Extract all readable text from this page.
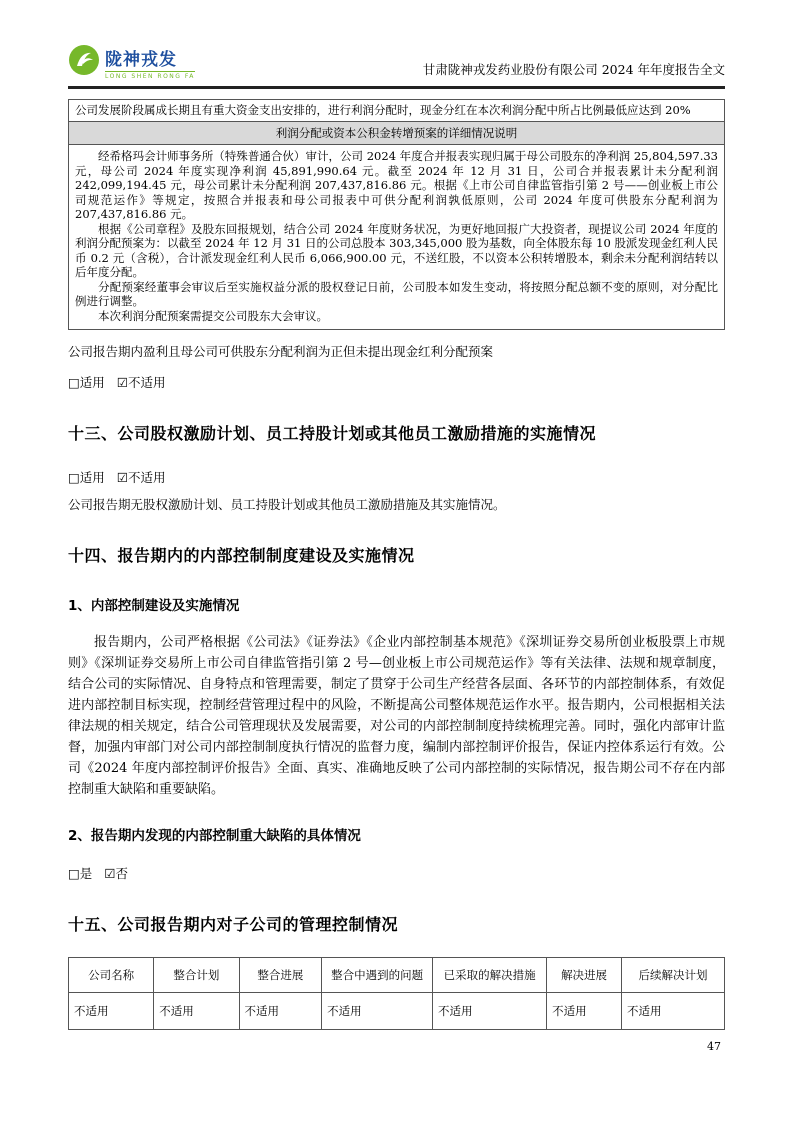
陇神戎发
LONG SHEN RONG FA	甘肃陇神戎发药业股份有限公司 2024 年年度报告全文
公司发展阶段属成长期且有重大资金支出安排的，进行利润分配时，现金分红在本次利润分配中所占比例最低应达到 20%
利润分配或资本公积金转增预案的详细情况说明

经希格玛会计师事务所（特殊普通合伙）审计，公司 2024 年度合并报表实现归属于母公司股东的净利润 25,804,597.33 元，母公司 2024 年度实现净利润 45,891,990.64 元。截至 2024 年 12 月 31 日，公司合并报表累计未分配利润 242,099,194.45 元，母公司累计未分配利润 207,437,816.86 元。根据《上市公司自律监管指引第 2 号——创业板上市公司规范运作》等规定，按照合并报表和母公司报表中可供分配利润孰低原则，公司 2024 年度可供股东分配利润为 207,437,816.86 元。

根据《公司章程》及股东回报规划，结合公司 2024 年度财务状况，为更好地回报广大投资者，现提议公司 2024 年度的利润分配预案为：以截至 2024 年 12 月 31 日的公司总股本 303,345,000 股为基数，向全体股东每 10 股派发现金红利人民币 0.2 元（含税），合计派发现金红利人民币 6,066,900.00 元，不送红股，不以资本公积转增股本，剩余未分配利润结转以后年度分配。

分配预案经董事会审议后至实施权益分派的股权登记日前，公司股本如发生变动，将按照分配总额不变的原则，对分配比例进行调整。

本次利润分配预案需提交公司股东大会审议。

公司报告期内盈利且母公司可供股东分配利润为正但未提出现金红利分配预案
□适用 ☑不适用
十三、公司股权激励计划、员工持股计划或其他员工激励措施的实施情况
□适用 ☑不适用
公司报告期无股权激励计划、员工持股计划或其他员工激励措施及其实施情况。
十四、报告期内的内部控制制度建设及实施情况
1、内部控制建设及实施情况

报告期内，公司严格根据《公司法》《证券法》《企业内部控制基本规范》《深圳证券交易所创业板股票上市规则》《深圳证券交易所上市公司自律监管指引第 2 号—创业板上市公司规范运作》等有关法律、法规和规章制度，结合公司的实际情况、自身特点和管理需要，制定了贯穿于公司生产经营各层面、各环节的内部控制体系，有效促进内部控制目标实现，控制经营管理过程中的风险，不断提高公司整体规范运作水平。报告期内，公司根据相关法律法规的相关规定，结合公司管理现状及发展需要，对公司的内部控制制度持续梳理完善。同时，强化内部审计监督，加强内审部门对公司内部控制制度执行情况的监督力度，编制内部控制评价报告，保证内控体系运行有效。公司《2024 年度内部控制评价报告》全面、真实、准确地反映了公司内部控制的实际情况，报告期公司不存在内部控制重大缺陷和重要缺陷。

2、报告期内发现的内部控制重大缺陷的具体情况
□是 ☑否
十五、公司报告期内对子公司的管理控制情况
公司名称	整合计划	整合进展	整合中遇到的问题	已采取的解决措施	解决进展	后续解决计划
不适用	不适用	不适用	不适用	不适用	不适用	不适用
47
